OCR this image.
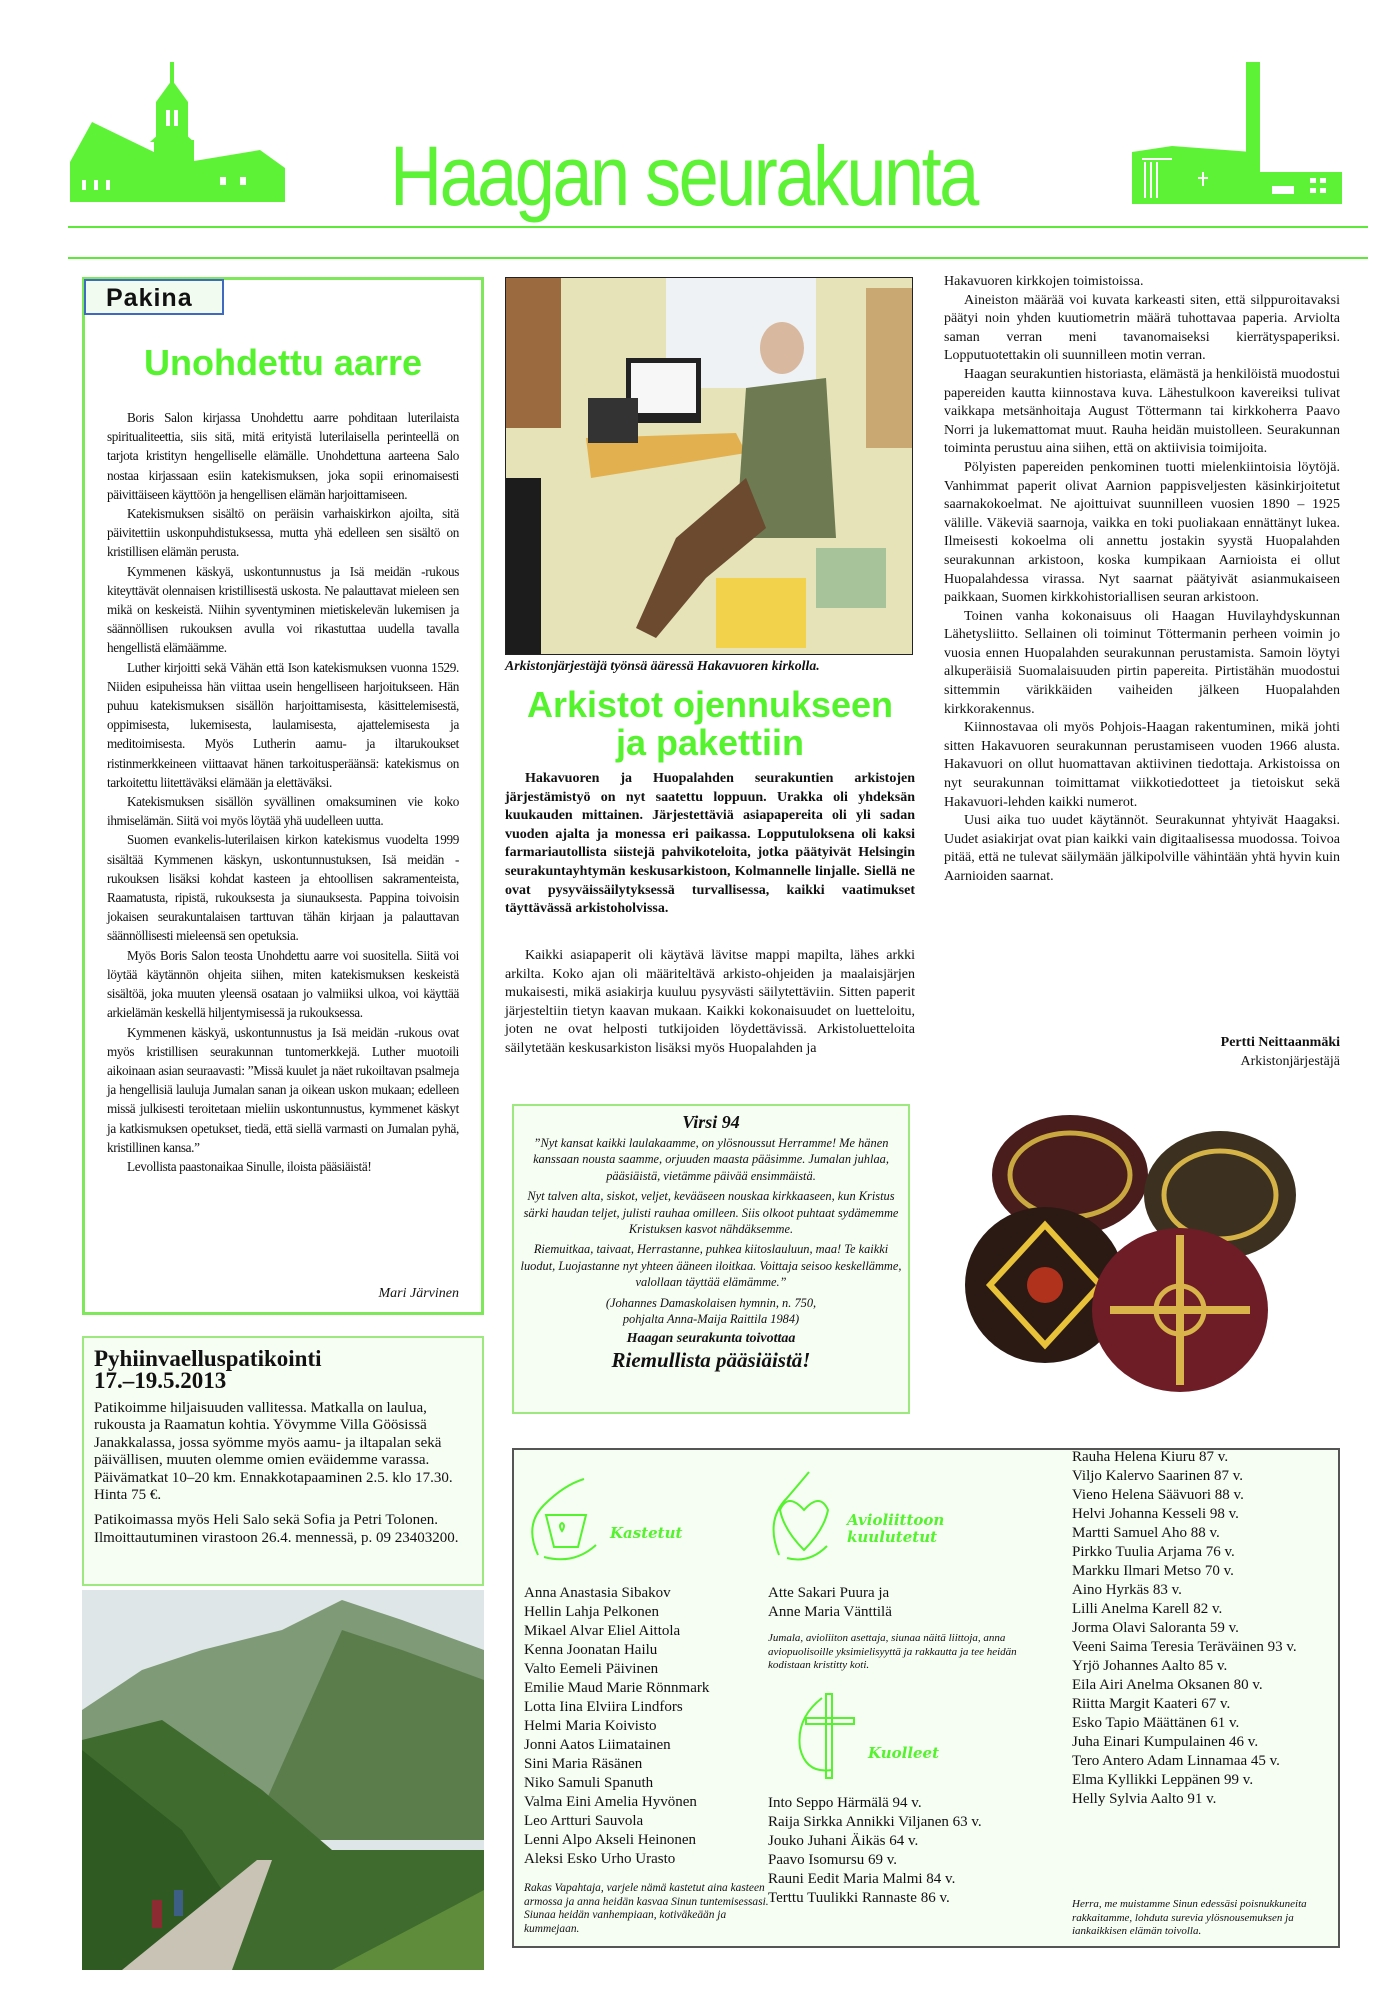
Haagan seurakunta
Pakina
Unohdettu aarre

Boris Salon kirjassa Unohdettu aarre pohditaan luterilaista spiritualiteettia, siis sitä, mitä erityistä luterilaisella perinteellä on tarjota kristityn hengelliselle elämälle. Unohdettuna aarteena Salo nostaa kirjassaan esiin katekismuksen, joka sopii erinomaisesti päivittäiseen käyttöön ja hengellisen elämän harjoittamiseen.

Katekismuksen sisältö on peräisin varhaiskirkon ajoilta, sitä päivitettiin uskonpuhdistuksessa, mutta yhä edelleen sen sisältö on kristillisen elämän perusta.

Kymmenen käskyä, uskontunnustus ja Isä meidän -rukous kiteyttävät olennaisen kristillisestä uskosta. Ne palauttavat mieleen sen mikä on keskeistä. Niihin syventyminen mietiskelevän lukemisen ja säännöllisen rukouksen avulla voi rikastuttaa uudella tavalla hengellistä elämäämme.

Luther kirjoitti sekä Vähän että Ison katekismuksen vuonna 1529. Niiden esipuheissa hän viittaa usein hengelliseen harjoitukseen. Hän puhuu katekismuksen sisällön harjoittamisesta, käsittelemisestä, oppimisesta, lukemisesta, laulamisesta, ajattelemisesta ja meditoimisesta. Myös Lutherin aamu- ja iltarukoukset ristinmerkkeineen viittaavat hänen tarkoitusperäänsä: katekismus on tarkoitettu liitettäväksi elämään ja elettäväksi.

Katekismuksen sisällön syvällinen omaksuminen vie koko ihmiselämän. Siitä voi myös löytää yhä uudelleen uutta.

Suomen evankelis-luterilaisen kirkon katekismus vuodelta 1999 sisältää Kymmenen käskyn, uskontunnustuksen, Isä meidän -rukouksen lisäksi kohdat kasteen ja ehtoollisen sakramenteista, Raamatusta, ripistä, rukouksesta ja siunauksesta. Pappina toivoisin jokaisen seurakuntalaisen tarttuvan tähän kirjaan ja palauttavan säännöllisesti mieleensä sen opetuksia.

Myös Boris Salon teosta Unohdettu aarre voi suositella. Siitä voi löytää käytännön ohjeita siihen, miten katekismuksen keskeistä sisältöä, joka muuten yleensä osataan jo valmiiksi ulkoa, voi käyttää arkielämän keskellä hiljentymisessä ja rukouksessa.

Kymmenen käskyä, uskontunnustus ja Isä meidän -rukous ovat myös kristillisen seurakunnan tuntomerkkejä. Luther muotoili aikoinaan asian seuraavasti: ”Missä kuulet ja näet rukoiltavan psalmeja ja hengellisiä lauluja Jumalan sanan ja oikean uskon mukaan; edelleen missä julkisesti teroitetaan mieliin uskontunnustus, kymmenet käskyt ja katkismuksen opetukset, tiedä, että siellä varmasti on Jumalan pyhä, kristillinen kansa.”

Levollista paastonaikaa Sinulle, iloista pääsiäistä!

Mari Järvinen
Pyhiinvaelluspatikointi
17.–19.5.2013

Patikoimme hiljaisuuden vallitessa. Matkalla on laulua, rukousta ja Raamatun kohtia. Yövymme Villa Göösissä Janakkalassa, jossa syömme myös aamu- ja iltapalan sekä päivällisen, muuten olemme omien eväidemme varassa. Päivämatkat 10–20 km. Ennakkotapaaminen 2.5. klo 17.30. Hinta 75 €.

Patikoimassa myös Heli Salo sekä Sofia ja Petri Tolonen. Ilmoittautuminen virastoon 26.4. mennessä, p. 09 23403200.

Arkistonjärjestäjä työnsä ääressä Hakavuoren kirkolla.
Arkistot ojennukseen
ja pakettiin

Hakavuoren ja Huopalahden seurakuntien arkistojen järjestämistyö on nyt saatettu loppuun. Urakka oli yhdeksän kuukauden mittainen. Järjestettäviä asiapapereita oli yli sadan vuoden ajalta ja monessa eri paikassa. Lopputuloksena oli kaksi farmariautollista siistejä pahvikoteloita, jotka päätyivät Helsingin seurakuntayhtymän keskusarkistoon, Kolmannelle linjalle. Siellä ne ovat pysyväissäilytyksessä turvallisessa, kaikki vaatimukset täyttävässä arkistoholvissa.

Kaikki asiapaperit oli käytävä lävitse mappi mapilta, lähes arkki arkilta. Koko ajan oli määriteltävä arkisto-ohjeiden ja maalaisjärjen mukaisesti, mikä asiakirja kuuluu pysyvästi säilytettäviin. Sitten paperit järjesteltiin tietyn kaavan mukaan. Kaikki kokonaisuudet on luetteloitu, joten ne ovat helposti tutkijoiden löydettävissä. Arkistoluetteloita säilytetään keskusarkiston lisäksi myös Huopalahden ja

Hakavuoren kirkkojen toimistoissa.

Aineiston määrää voi kuvata karkeasti siten, että silppuroitavaksi päätyi noin yhden kuutiometrin määrä tuhottavaa paperia. Arviolta saman verran meni tavanomaiseksi kierrätyspaperiksi. Lopputuotettakin oli suunnilleen motin verran.

Haagan seurakuntien historiasta, elämästä ja henkilöistä muodostui papereiden kautta kiinnostava kuva. Lähestulkoon kavereiksi tulivat vaikkapa metsänhoitaja August Töttermann tai kirkkoherra Paavo Norri ja lukemattomat muut. Rauha heidän muistolleen. Seurakunnan toiminta perustuu aina siihen, että on aktiivisia toimijoita.

Pölyisten papereiden penkominen tuotti mielenkiintoisia löytöjä. Vanhimmat paperit olivat Aarnion pappisveljesten käsinkirjoitetut saarnakokoelmat. Ne ajoittuivat suunnilleen vuosien 1890 – 1925 välille. Väkeviä saarnoja, vaikka en toki puoliakaan ennättänyt lukea. Ilmeisesti kokoelma oli annettu jostakin syystä Huopalahden seurakunnan arkistoon, koska kumpikaan Aarnioista ei ollut Huopalahdessa virassa. Nyt saarnat päätyivät asianmukaiseen paikkaan, Suomen kirkkohistoriallisen seuran arkistoon.

Toinen vanha kokonaisuus oli Haagan Huvilayhdyskunnan Lähetysliitto. Sellainen oli toiminut Töttermanin perheen voimin jo vuosia ennen Huopalahden seurakunnan perustamista. Samoin löytyi alkuperäisiä Suomalaisuuden pirtin papereita. Pirtistähän muodostui sittemmin värikkäiden vaiheiden jälkeen Huopalahden kirkkorakennus.

Kiinnostavaa oli myös Pohjois-Haagan rakentuminen, mikä johti sitten Hakavuoren seurakunnan perustamiseen vuoden 1966 alusta. Hakavuori on ollut huomattavan aktiivinen tiedottaja. Arkistoissa on nyt seurakunnan toimittamat viikkotiedotteet ja tietoiskut sekä Hakavuori-lehden kaikki numerot.

Uusi aika tuo uudet käytännöt. Seurakunnat yhtyivät Haagaksi. Uudet asiakirjat ovat pian kaikki vain digitaalisessa muodossa. Toivoa pitää, että ne tulevat säilymään jälkipolville vähintään yhtä hyvin kuin Aarnioiden saarnat.

Pertti Neittaanmäki
Arkistonjärjestäjä
Virsi 94

”Nyt kansat kaikki laulakaamme, on ylösnoussut Herramme! Me hänen kanssaan nousta saamme, orjuuden maasta pääsimme. Jumalan juhlaa, pääsiäistä, vietämme päivää ensimmäistä.

Nyt talven alta, siskot, veljet, kevääseen nouskaa kirkkaaseen, kun Kristus särki haudan teljet, julisti rauhaa omilleen. Siis olkoot puhtaat sydämemme Kristuksen kasvot nähdäksemme.

Riemuitkaa, taivaat, Herrastanne, puhkea kiitoslauluun, maa! Te kaikki luodut, Luojastanne nyt yhteen ääneen iloitkaa. Voittaja seisoo keskellämme, valollaan täyttää elämämme.”

(Johannes Damaskolaisen hymnin, n. 750,
pohjalta Anna-Maija Raittila 1984)

Haagan seurakunta toivottaa

Riemullista pääsiäistä!

Kastetut
Anna Anastasia Sibakov
Hellin Lahja Pelkonen
Mikael Alvar Eliel Aittola
Kenna Joonatan Hailu
Valto Eemeli Päivinen
Emilie Maud Marie Rönnmark
Lotta Iina Elviira Lindfors
Helmi Maria Koivisto
Jonni Aatos Liimatainen
Sini Maria Räsänen
Niko Samuli Spanuth
Valma Eini Amelia Hyvönen
Leo Artturi Sauvola
Lenni Alpo Akseli Heinonen
Aleksi Esko Urho Urasto
Rakas Vapahtaja, varjele nämä kastetut aina kasteen armossa ja anna heidän kasvaa Sinun tuntemisessasi. Siunaa heidän vanhempiaan, kotiväkeään ja kummejaan.
Avioliittoon
kuulutetut
Atte Sakari Puura ja
Anne Maria Vänttilä
Jumala, avioliiton asettaja, siunaa näitä liittoja, anna aviopuolisoille yksimielisyyttä ja rakkautta ja tee heidän kodistaan kristitty koti.
Kuolleet
Into Seppo Härmälä 94 v.
Raija Sirkka Annikki Viljanen 63 v.
Jouko Juhani Äikäs 64 v.
Paavo Isomursu 69 v.
Rauni Eedit Maria Malmi 84 v.
Terttu Tuulikki Rannaste 86 v.
Rauha Helena Kiuru 87 v.
Viljo Kalervo Saarinen 87 v.
Vieno Helena Säävuori 88 v.
Helvi Johanna Kesseli 98 v.
Martti Samuel Aho 88 v.
Pirkko Tuulia Arjama 76 v.
Markku Ilmari Metso 70 v.
Aino Hyrkäs 83 v.
Lilli Anelma Karell 82 v.
Jorma Olavi Saloranta 59 v.
Veeni Saima Teresia Teräväinen 93 v.
Yrjö Johannes Aalto 85 v.
Eila Airi Anelma Oksanen 80 v.
Riitta Margit Kaateri 67 v.
Esko Tapio Määttänen 61 v.
Juha Einari Kumpulainen 46 v.
Tero Antero Adam Linnamaa 45 v.
Elma Kyllikki Leppänen 99 v.
Helly Sylvia Aalto 91 v.
Herra, me muistamme Sinun edessäsi poisnukkuneita rakkaitamme, lohduta surevia ylösnousemuksen ja iankaikkisen elämän toivolla.
